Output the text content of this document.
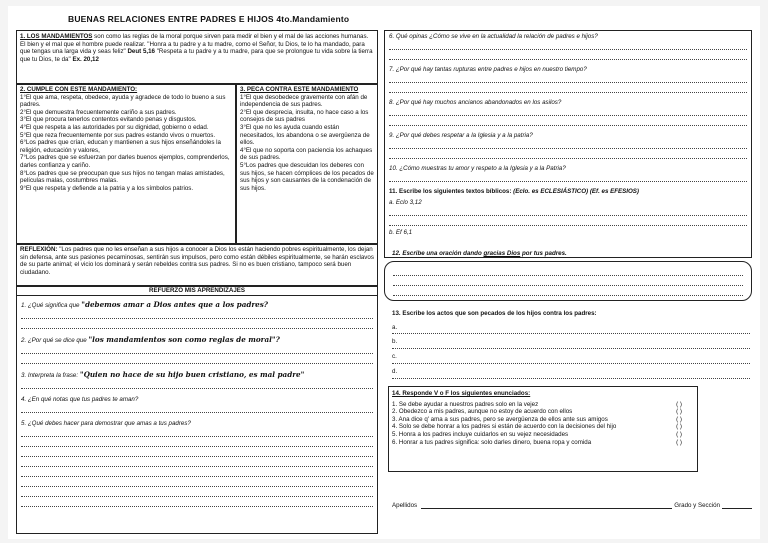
BUENAS RELACIONES ENTRE PADRES E HIJOS 4to.Mandamiento

1. LOS MANDAMIENTOS son como las reglas de la moral porque sirven para medir el bien y el mal de las acciones humanas. El bien y el mal que el hombre puede realizar. "Honra a tu padre y a tu madre, como el Señor, tu Dios, te lo ha mandado, para que tengas una larga vida y seas feliz" Deut 5,16 "Respeta a tu padre y a tu madre, para que se prolongue tu vida sobre la tierra que tu Dios, te da" Ex. 20,12

2. CUMPLE CON ESTE MANDAMIENTO:

1°El que ama, respeta, obedece, ayuda y agradece de todo lo bueno a sus padres.

2°El que demuestra frecuentemente cariño a sus padres.

3°El que procura tenerlos contentos evitando penas y disgustos.

4°El que respeta a las autoridades por su dignidad, gobierno o edad.

5°El que reza frecuentemente por sus padres estando vivos o muertos.

6°Los padres que crían, educan y mantienen a sus hijos enseñándoles la religión, educación y valores,

7°Los padres que se esfuerzan por darles buenos ejemplos, comprenderlos, darles confianza y cariño.

8°Los padres que se preocupan que sus hijos no tengan malas amistades, películas malas, costumbres malas.

9°El que respeta y defiende a la patria y a los símbolos patrios.

3. PECA CONTRA ESTE MANDAMIENTO

1°El que desobedece gravemente con afán de independencia de sus padres.

2°El que desprecia, insulta, no hace caso a los consejos de sus padres

3°El que no les ayuda cuando están necesitados, los abandona o se avergüenza de ellos.

4°El que no soporta con paciencia los achaques de sus padres.

5°Los padres que descuidan los deberes con sus hijos, se hacen cómplices de los pecados de sus hijos y son causantes de la condenación de sus hijos.

REFLEXIÓN: "Los padres que no les enseñan a sus hijos a conocer a Dios los están haciendo pobres espiritualmente, los dejan sin defensa, ante sus pasiones pecaminosas, sentirán sus impulsos, pero como están débiles espiritualmente, se harán esclavos de su parte animal; el vicio los dominará y serán rebeldes contra sus padres. Si no es buen cristiano, tampoco será buen ciudadano.

REFUERZO MIS APRENDIZAJES

1. ¿Qué significa que "debemos amar a Dios antes que a los padres?

2. ¿Por qué se dice que "los mandamientos son como reglas de moral"?

3. Interpreta la frase: "Quien no hace de su hijo buen cristiano, es mal padre"

4. ¿En qué notas que tus padres te aman?

5. ¿Qué debes hacer para demostrar que amas a tus padres?

6. Qué opinas ¿Cómo se vive en la actualidad la relación de padres e hijos?

7. ¿Por qué hay tantas rupturas entre padres e hijos en nuestro tiempo?

8. ¿Por qué hay muchos ancianos abandonados en los asilos?

9. ¿Por qué debes respetar a la Iglesia y a la patria?

10. ¿Cómo muestras tu amor y respeto a la Iglesia y a la Patria?

11. Escribe los siguientes textos bíblicos: (Eclo. es ECLESIÁSTICO) (Ef. es EFESIOS)

a. Eclo 3,12

b. Ef 6,1

12. Escribe una oración dando gracias Dios por tus padres.

13. Escribe los actos que son pecados de los hijos contra los padres:

a.
b.
c.
d.

14. Responde V o F los siguientes enunciados:

1. Se debe ayudar a nuestros padres solo en la vejez	( )
2. Obedezco a mis padres, aunque no estoy de acuerdo con ellos	( )
3. Ana dice q' ama a sus padres, pero se avergüenza de ellos ante sus amigos	( )
4. Solo se debe honrar a los padres si están de acuerdo con la decisiones del hijo	( )
5. Honra a los padres incluye cuidarlos en su vejez necesidades	( )
6. Honrar a tus padres significa: solo darles dinero, buena ropa y comida	( )
Apellidos	Grado y Sección
